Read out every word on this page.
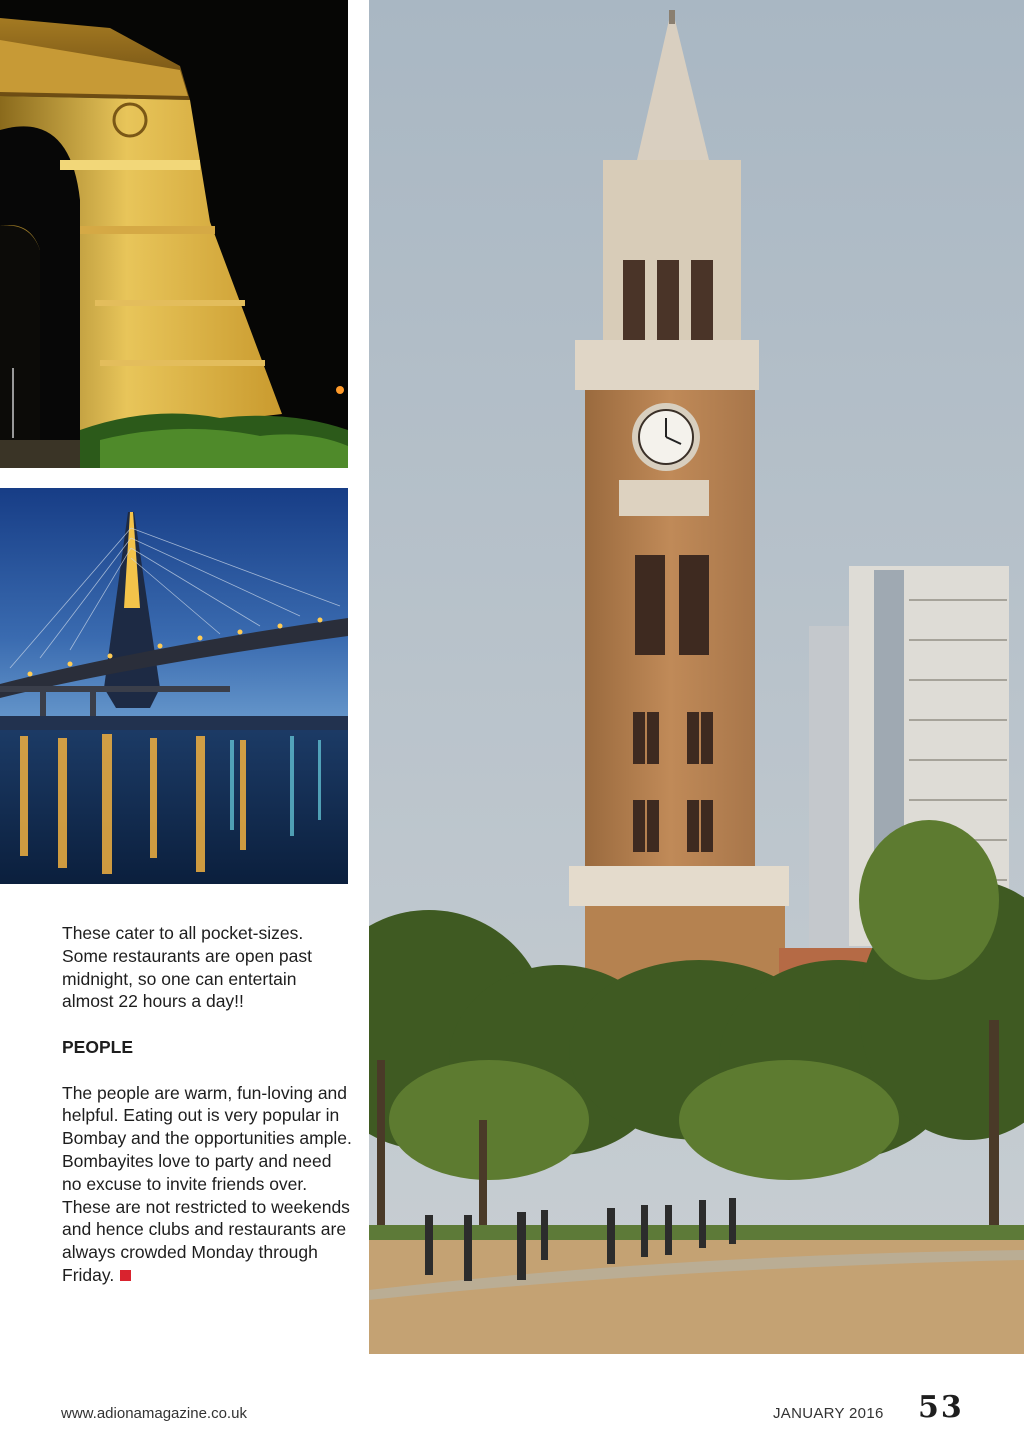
These cater to all pocket-sizes. Some restaurants are open past midnight, so one can entertain almost 22 hours a day!!

PEOPLE

The people are warm, fun-loving and helpful. Eating out is very popular in Bombay and the opportunities ample. Bombayites love to party and need no excuse to invite friends over. These are not restricted to weekends and hence clubs and restaurants are always crowded Monday through Friday.

www.adionamagazine.co.uk	JANUARY 2016 53
